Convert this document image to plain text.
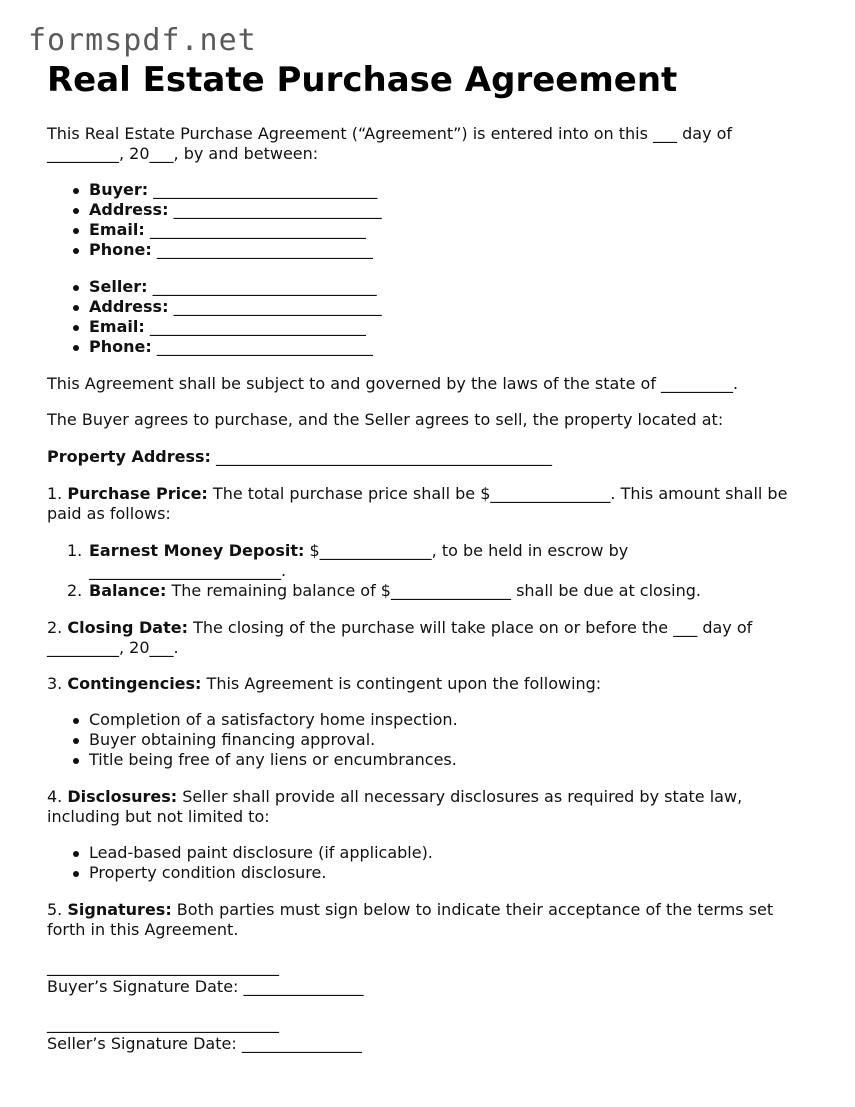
formspdf.net
Real Estate Purchase Agreement

This Real Estate Purchase Agreement (“Agreement”) is entered into on this ___ day of
_________, 20___, by and between:

Buyer: ____________________________
Address: __________________________
Email: ___________________________
Phone: ___________________________
Seller: ____________________________
Address: __________________________
Email: ___________________________
Phone: ___________________________

This Agreement shall be subject to and governed by the laws of the state of _________.

The Buyer agrees to purchase, and the Seller agrees to sell, the property located at:

Property Address: __________________________________________

1. Purchase Price: The total purchase price shall be $_______________. This amount shall be paid as follows:

1. Earnest Money Deposit: $______________, to be held in escrow by
________________________.
2. Balance: The remaining balance of $_______________ shall be due at closing.

2. Closing Date: The closing of the purchase will take place on or before the ___ day of
_________, 20___.

3. Contingencies: This Agreement is contingent upon the following:

Completion of a satisfactory home inspection.
Buyer obtaining financing approval.
Title being free of any liens or encumbrances.

4. Disclosures: Seller shall provide all necessary disclosures as required by state law,
including but not limited to:

Lead-based paint disclosure (if applicable).
Property condition disclosure.

5. Signatures: Both parties must sign below to indicate their acceptance of the terms set
forth in this Agreement.

_____________________________
Buyer’s Signature Date: _______________

_____________________________
Seller’s Signature Date: _______________
